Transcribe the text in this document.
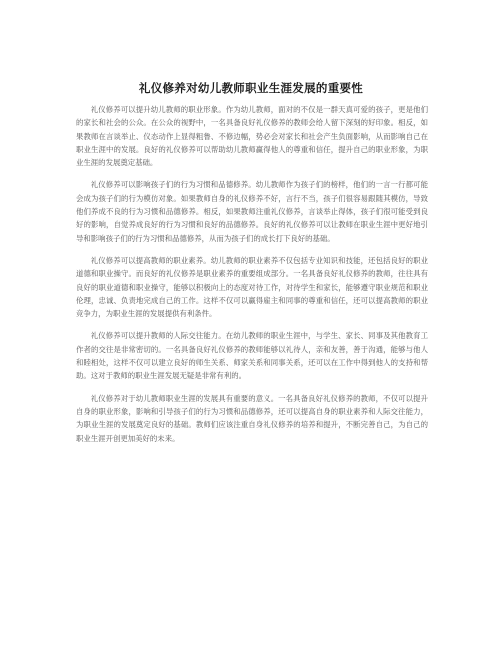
礼仪修养对幼儿教师职业生涯发展的重要性

礼仪修养可以提升幼儿教师的职业形象。作为幼儿教师，面对的不仅是一群天真可爱的孩子，更是他们的家长和社会的公众。在公众的视野中，一名具备良好礼仪修养的教师会给人留下深刻的好印象。相反，如果教师在言谈举止、仪态动作上显得粗鲁、不修边幅，势必会对家长和社会产生负面影响，从而影响自己在职业生涯中的发展。良好的礼仪修养可以帮助幼儿教师赢得他人的尊重和信任，提升自己的职业形象，为职业生涯的发展奠定基础。

礼仪修养可以影响孩子们的行为习惯和品德修养。幼儿教师作为孩子们的榜样，他们的一言一行都可能会成为孩子们的行为模仿对象。如果教师自身的礼仪修养不好，言行不当，孩子们很容易跟随其模仿，导致他们养成不良的行为习惯和品德修养。相反，如果教师注重礼仪修养，言谈举止得体，孩子们很可能受到良好的影响，自觉养成良好的行为习惯和良好的品德修养。良好的礼仪修养可以让教师在职业生涯中更好地引导和影响孩子们的行为习惯和品德修养，从而为孩子们的成长打下良好的基础。

礼仪修养可以提高教师的职业素养。幼儿教师的职业素养不仅包括专业知识和技能，还包括良好的职业道德和职业操守。而良好的礼仪修养是职业素养的重要组成部分。一名具备良好礼仪修养的教师，往往具有良好的职业道德和职业操守，能够以积极向上的态度对待工作，对待学生和家长，能够遵守职业规范和职业伦理，忠诚、负责地完成自己的工作。这样不仅可以赢得雇主和同事的尊重和信任，还可以提高教师的职业竞争力，为职业生涯的发展提供有利条件。

礼仪修养可以提升教师的人际交往能力。在幼儿教师的职业生涯中，与学生、家长、同事及其他教育工作者的交往是非常密切的。一名具备良好礼仪修养的教师能够以礼待人，亲和友善，善于沟通，能够与他人和睦相处，这样不仅可以建立良好的师生关系、师家关系和同事关系，还可以在工作中得到他人的支持和帮助。这对于教师的职业生涯发展无疑是非常有利的。

礼仪修养对于幼儿教师职业生涯的发展具有重要的意义。一名具备良好礼仪修养的教师，不仅可以提升自身的职业形象，影响和引导孩子们的行为习惯和品德修养，还可以提高自身的职业素养和人际交往能力，为职业生涯的发展奠定良好的基础。教师们应该注重自身礼仪修养的培养和提升，不断完善自己，为自己的职业生涯开创更加美好的未来。
